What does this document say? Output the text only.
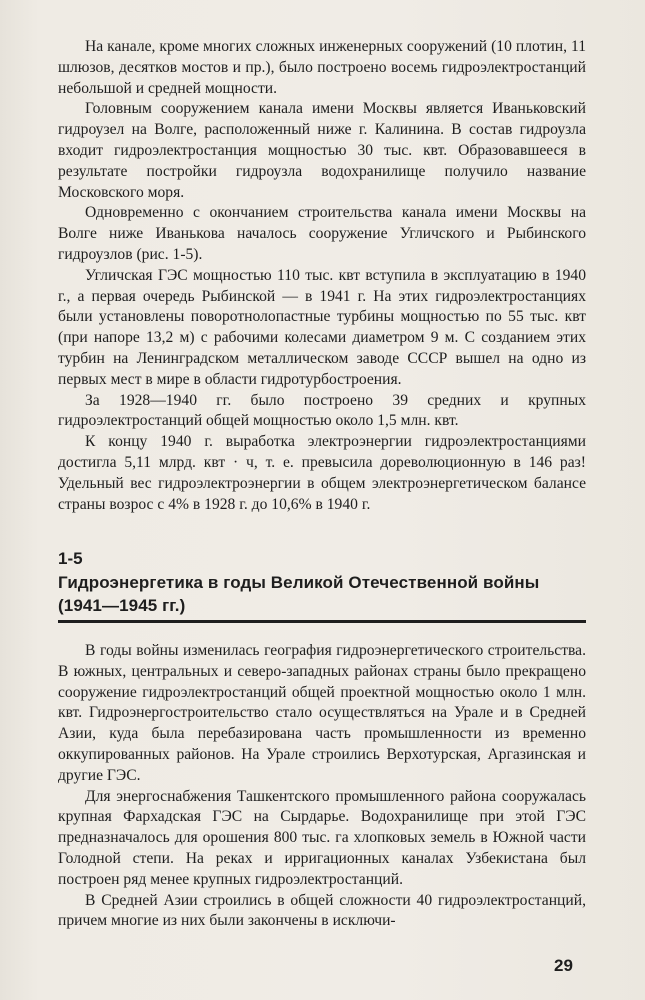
На канале, кроме многих сложных инженерных сооружений (10 плотин, 11 шлюзов, десятков мостов и пр.), было построено восемь гидроэлектростанций небольшой и средней мощности.

Головным сооружением канала имени Москвы является Иваньковский гидроузел на Волге, расположенный ниже г. Калинина. В состав гидроузла входит гидроэлектростанция мощностью 30 тыс. квт. Образовавшееся в результате постройки гидроузла водохранилище получило название Московского моря.

Одновременно с окончанием строительства канала имени Москвы на Волге ниже Иванькова началось сооружение Угличского и Рыбинского гидроузлов (рис. 1-5).

Угличская ГЭС мощностью 110 тыс. квт вступила в эксплуатацию в 1940 г., а первая очередь Рыбинской — в 1941 г. На этих гидроэлектростанциях были установлены поворотнолопастные турбины мощностью по 55 тыс. квт (при напоре 13,2 м) с рабочими колесами диаметром 9 м. С созданием этих турбин на Ленинградском металлическом заводе СССР вышел на одно из первых мест в мире в области гидротурбостроения.

За 1928—1940 гг. было построено 39 средних и крупных гидроэлектростанций общей мощностью около 1,5 млн. квт.

К концу 1940 г. выработка электроэнергии гидроэлектростанциями достигла 5,11 млрд. квт · ч, т. е. превысила дореволюционную в 146 раз! Удельный вес гидроэлектроэнергии в общем электроэнергетическом балансе страны возрос с 4% в 1928 г. до 10,6% в 1940 г.

1-5
Гидроэнергетика в годы Великой Отечественной войны (1941—1945 гг.)

В годы войны изменилась география гидроэнергетического строительства. В южных, центральных и северо-западных районах страны было прекращено сооружение гидроэлектростанций общей проектной мощностью около 1 млн. квт. Гидроэнергостроительство стало осуществляться на Урале и в Средней Азии, куда была перебазирована часть промышленности из временно оккупированных районов. На Урале строились Верхотурская, Аргазинская и другие ГЭС.

Для энергоснабжения Ташкентского промышленного района сооружалась крупная Фархадская ГЭС на Сырдарье. Водохранилище при этой ГЭС предназначалось для орошения 800 тыс. га хлопковых земель в Южной части Голодной степи. На реках и ирригационных каналах Узбекистана был построен ряд менее крупных гидроэлектростанций.

В Средней Азии строились в общей сложности 40 гидроэлектростанций, причем многие из них были закончены в исключи-

29
